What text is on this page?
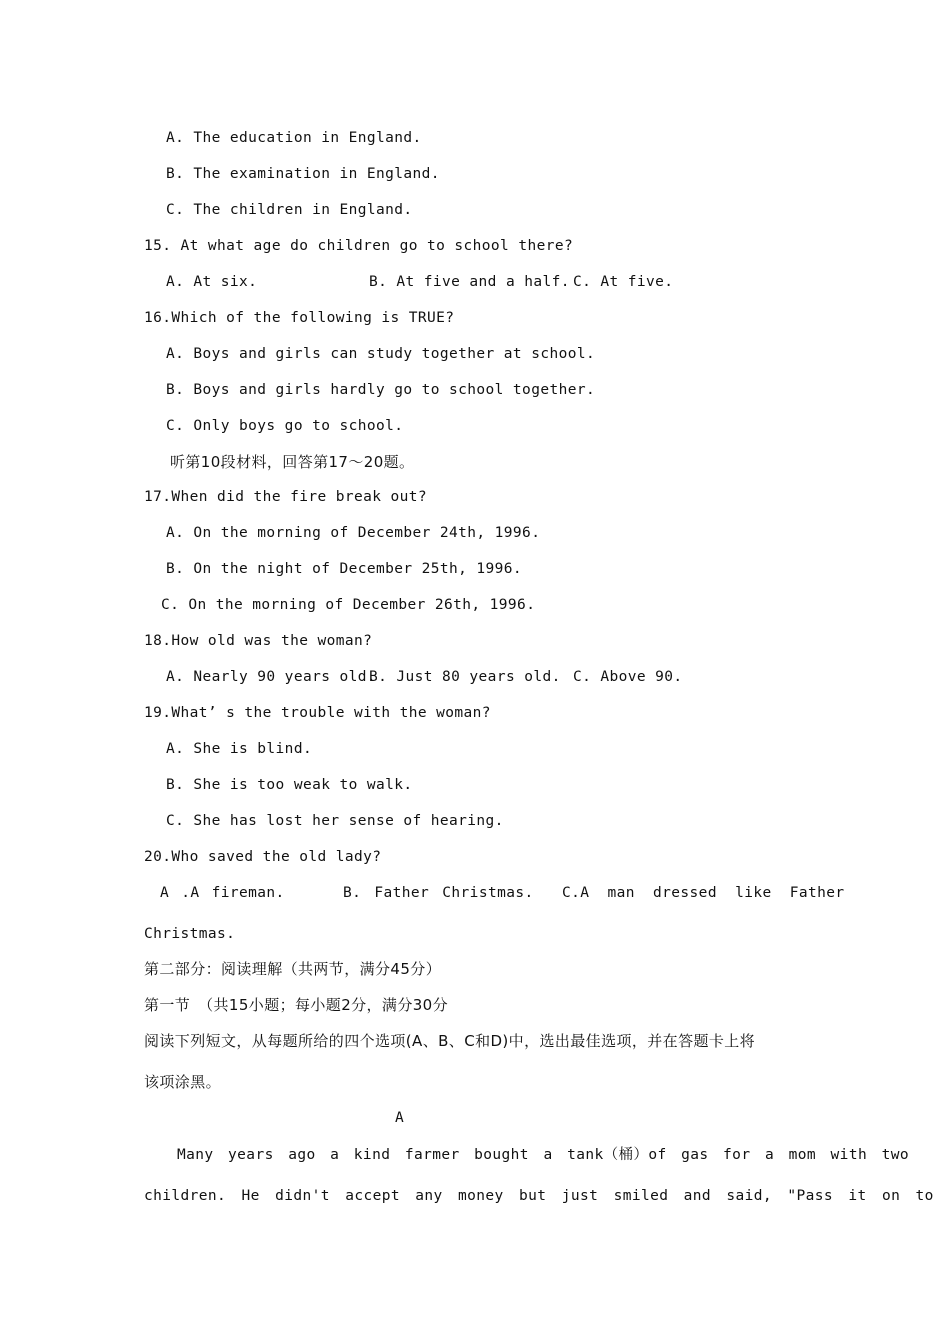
A. The education in England.
B. The examination in England.
C. The children in England.
15. At what age do children go to school there?
A. At six.	B. At five and a half. C. At five.
16.Which of the following is TRUE?
A. Boys and girls can study together at school.
B. Boys and girls hardly go to school together.
C. Only boys go to school.
听第10段材料，回答第17～20题。
17.When did the fire break out?
A. On the morning of December 24th, 1996.
B. On the night of December 25th, 1996.
C. On the morning of December 26th, 1996.
18.How old was the woman?
A. Nearly 90 years old.
B. Just 80 years old. C. Above 90.
19.What’ s the trouble with the woman?
A. She is blind.
B. She is too weak to walk.
C. She has lost her sense of hearing.
20.Who saved the old lady?
A .A fireman.	B. Father Christmas. C.A man dressed like Father
Christmas.
第二部分：阅读理解（共两节，满分45分）
第一节　（共15小题；每小题2分，满分30分
阅读下列短文，从每题所给的四个选项(A、B、C和D)中，选出最佳选项，并在答题卡上将
该项涂黑。
A
Many years ago a kind farmer bought a tank（桶）of gas for a mom with two
children. He didn't accept any money but just smiled and said, "Pass it on to
